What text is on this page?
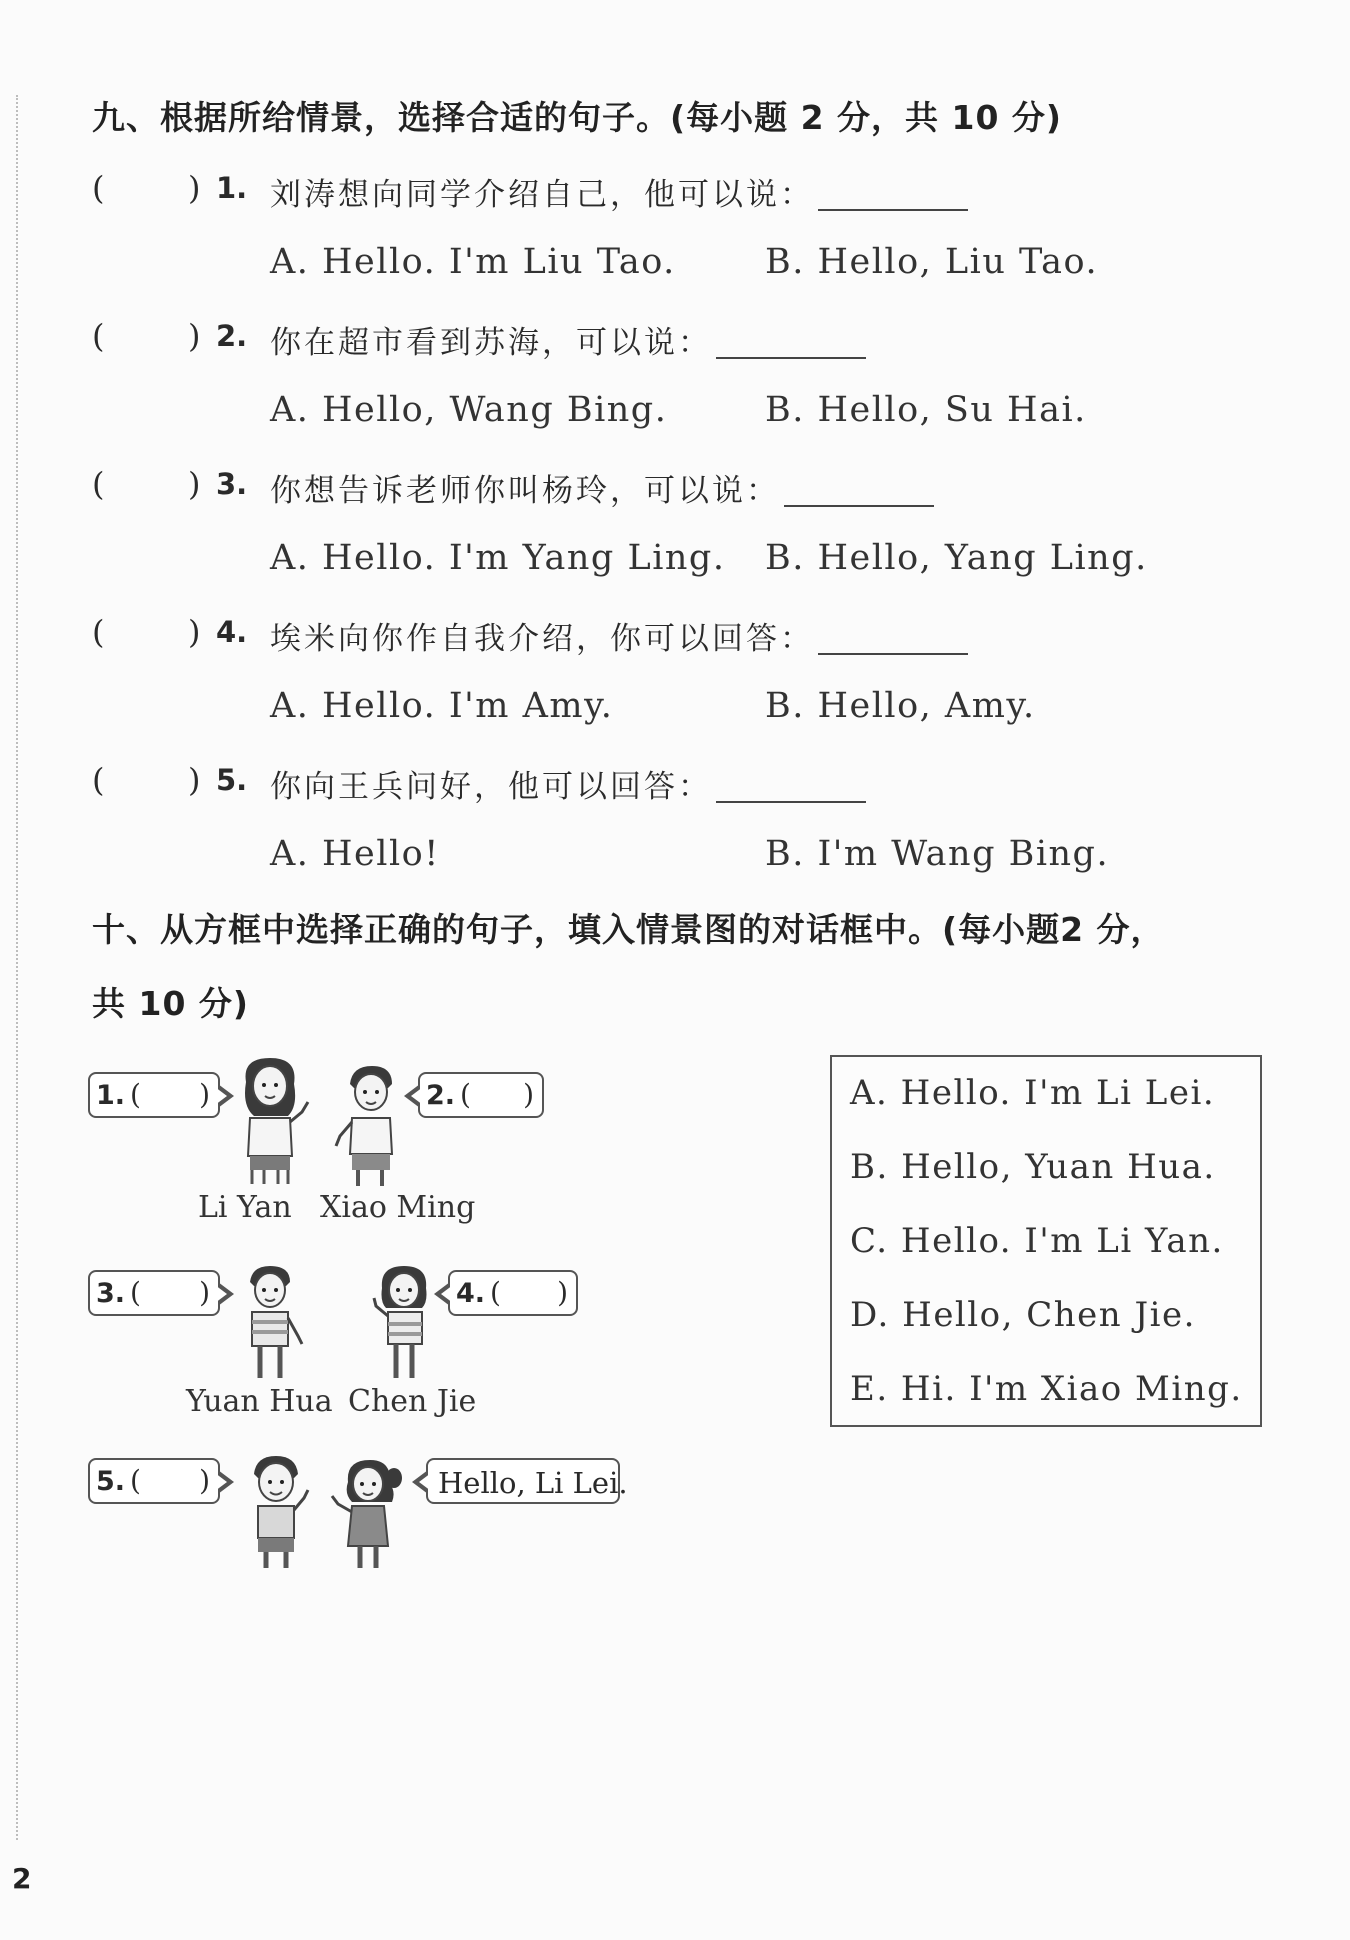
九、根据所给情景，选择合适的句子。(每小题 2 分，共 10 分)
(	) 1. 刘涛想向同学介绍自己，他可以说：
A. Hello. I'm Liu Tao.	B. Hello, Liu Tao.
(	) 2. 你在超市看到苏海，可以说：
A. Hello, Wang Bing.	B. Hello, Su Hai.
(	) 3. 你想告诉老师你叫杨玲，可以说：
A. Hello. I'm Yang Ling. B. Hello, Yang Ling.
(	) 4. 埃米向你作自我介绍，你可以回答：
A. Hello. I'm Amy.	B. Hello, Amy.
(	) 5. 你向王兵问好，他可以回答：
A. Hello!	B. I'm Wang Bing.
十、从方框中选择正确的句子，填入情景图的对话框中。(每小题2 分，
共 10 分)
1. ( )	2. ( )
Li Yan Xiao Ming
3. ( )	4. ( )
Yuan Hua Chen Jie
5. ( )	Hello, Li Lei.
A. Hello. I'm Li Lei.
B. Hello, Yuan Hua.
C. Hello. I'm Li Yan.
D. Hello, Chen Jie.
E. Hi. I'm Xiao Ming.
2
